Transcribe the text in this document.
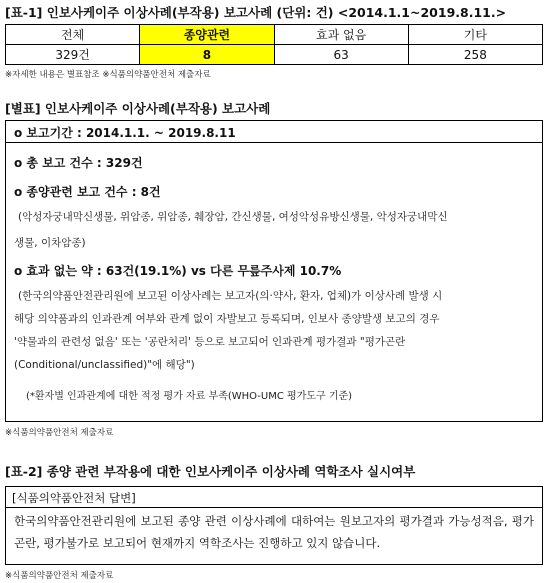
[표-1] 인보사케이주 이상사례(부작용) 보고사례 (단위: 건) <2014.1.1~2019.8.11.>
전체	종양관련	효과 없음	기타
329건	8	63	258
※자세한 내용은 별표참조 ※식품의약품안전처 제출자료
[별표] 인보사케이주 이상사례(부작용) 보고사례
o 보고기간 : 2014.1.1. ~ 2019.8.11
o 총 보고 건수 : 329건
o 종양관련 보고 건수 : 8건
(악성자궁내막신생물, 위암종, 위암종, 췌장암, 간신생물, 여성악성유방신생물, 악성자궁내막신
생물, 이차암종)
o 효과 없는 약 : 63건(19.1%) vs 다른 무릎주사제 10.7%
(한국의약품안전관리원에 보고된 이상사례는 보고자(의·약사, 환자, 업체)가 이상사례 발생 시
해당 의약품과의 인과관계 여부와 관계 없이 자발보고 등록되며, 인보사 종양발생 보고의 경우
'약물과의 관련성 없음' 또는 '공란처리' 등으로 보고되어 인과관계 평가결과 "평가곤란
(Conditional/unclassified)"에 해당")
(*환자별 인과관계에 대한 적정 평가 자료 부족(WHO-UMC 평가도구 기준)
※식품의약품안전처 제출자료
[표-2] 종양 관련 부작용에 대한 인보사케이주 이상사례 역학조사 실시여부
[식품의약품안전처 답변]
한국의약품안전관리원에 보고된 종양 관련 이상사례에 대하여는 원보고자의 평가결과 가능성적음, 평가곤란, 평가불가로 보고되어 현재까지 역학조사는 진행하고 있지 않습니다.
※식품의약품안전처 제출자료
